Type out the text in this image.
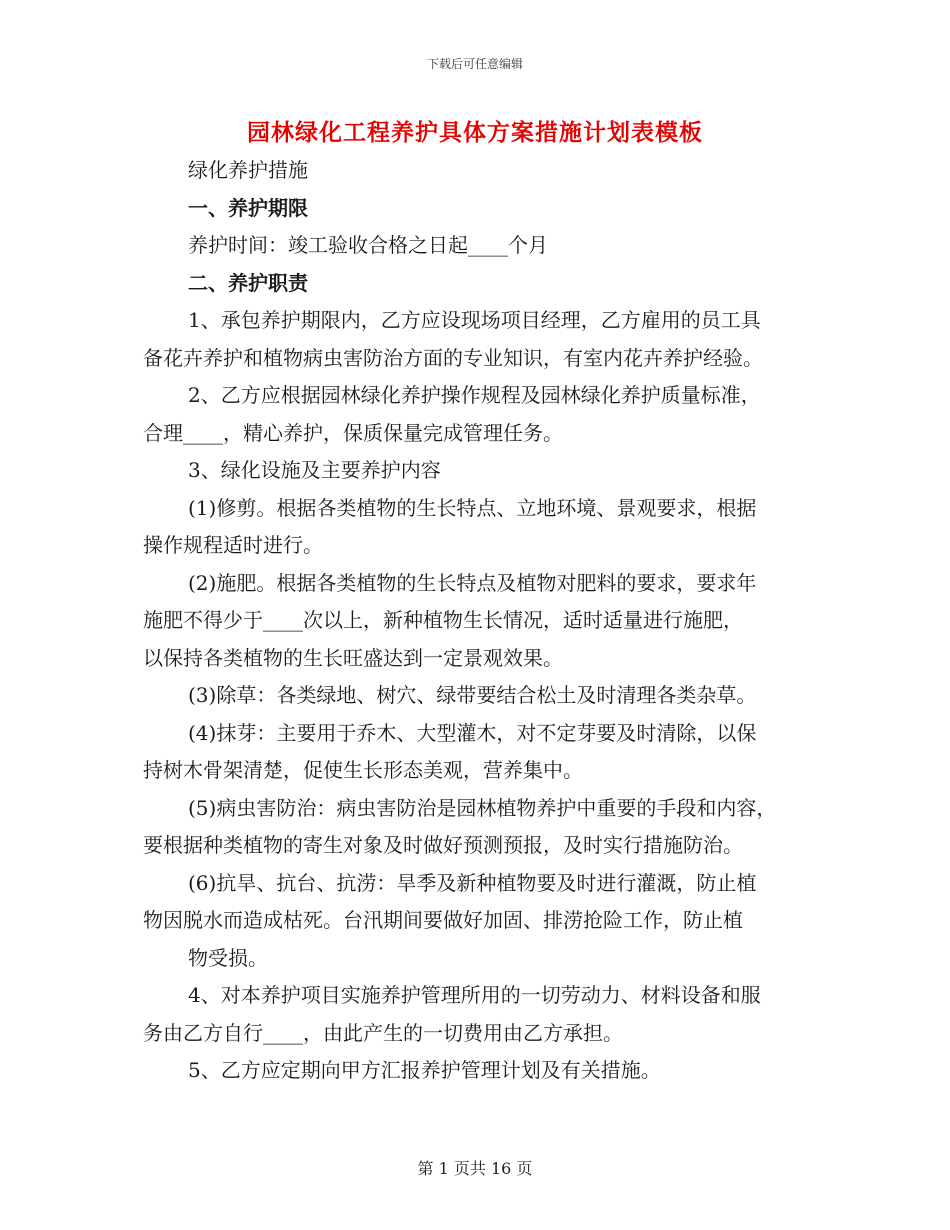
下载后可任意编辑
园林绿化工程养护具体方案措施计划表模板

绿化养护措施

一、养护期限

养护时间：竣工验收合格之日起____个月

二、养护职责

1、承包养护期限内，乙方应设现场项目经理，乙方雇用的员工具

备花卉养护和植物病虫害防治方面的专业知识，有室内花卉养护经验。

2、乙方应根据园林绿化养护操作规程及园林绿化养护质量标准，

合理____，精心养护，保质保量完成管理任务。

3、绿化设施及主要养护内容

(1)修剪。根据各类植物的生长特点、立地环境、景观要求，根据

操作规程适时进行。

(2)施肥。根据各类植物的生长特点及植物对肥料的要求，要求年

施肥不得少于____次以上，新种植物生长情况，适时适量进行施肥，

以保持各类植物的生长旺盛达到一定景观效果。

(3)除草：各类绿地、树穴、绿带要结合松土及时清理各类杂草。

(4)抹芽：主要用于乔木、大型灌木，对不定芽要及时清除，以保

持树木骨架清楚，促使生长形态美观，营养集中。

(5)病虫害防治：病虫害防治是园林植物养护中重要的手段和内容，

要根据种类植物的寄生对象及时做好预测预报，及时实行措施防治。

(6)抗旱、抗台、抗涝：旱季及新种植物要及时进行灌溉，防止植

物因脱水而造成枯死。台汛期间要做好加固、排涝抢险工作，防止植

物受损。

4、对本养护项目实施养护管理所用的一切劳动力、材料设备和服

务由乙方自行____，由此产生的一切费用由乙方承担。

5、乙方应定期向甲方汇报养护管理计划及有关措施。

第 1 页共 16 页
